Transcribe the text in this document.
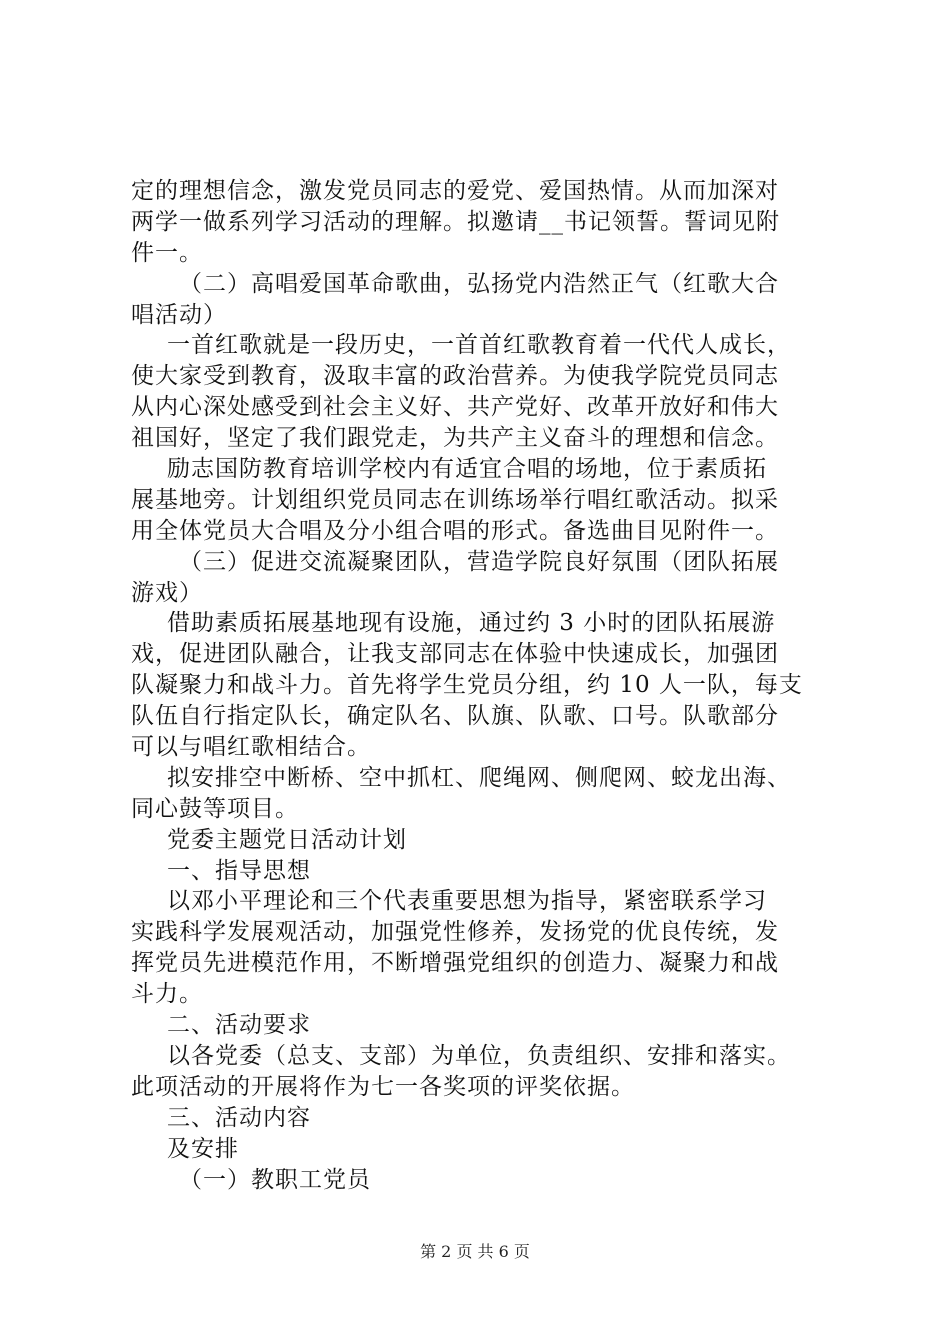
定的理想信念，激发党员同志的爱党、爱国热情。从而加深对
两学一做系列学习活动的理解。拟邀请__书记领誓。誓词见附
件一。
（二）高唱爱国革命歌曲，弘扬党内浩然正气（红歌大合
唱活动）
一首红歌就是一段历史，一首首红歌教育着一代代人成长，
使大家受到教育，汲取丰富的政治营养。为使我学院党员同志
从内心深处感受到社会主义好、共产党好、改革开放好和伟大
祖国好，坚定了我们跟党走，为共产主义奋斗的理想和信念。
励志国防教育培训学校内有适宜合唱的场地，位于素质拓
展基地旁。计划组织党员同志在训练场举行唱红歌活动。拟采
用全体党员大合唱及分小组合唱的形式。备选曲目见附件一。
（三）促进交流凝聚团队，营造学院良好氛围（团队拓展
游戏）
借助素质拓展基地现有设施，通过约 3 小时的团队拓展游
戏，促进团队融合，让我支部同志在体验中快速成长，加强团
队凝聚力和战斗力。首先将学生党员分组，约 10 人一队，每支
队伍自行指定队长，确定队名、队旗、队歌、口号。队歌部分
可以与唱红歌相结合。
拟安排空中断桥、空中抓杠、爬绳网、侧爬网、蛟龙出海、
同心鼓等项目。
党委主题党日活动计划
一、指导思想
以邓小平理论和三个代表重要思想为指导，紧密联系学习
实践科学发展观活动，加强党性修养，发扬党的优良传统，发
挥党员先进模范作用，不断增强党组织的创造力、凝聚力和战
斗力。
二、活动要求
以各党委（总支、支部）为单位，负责组织、安排和落实。
此项活动的开展将作为七一各奖项的评奖依据。
三、活动内容
及安排
（一）教职工党员
第 2 页 共 6 页
